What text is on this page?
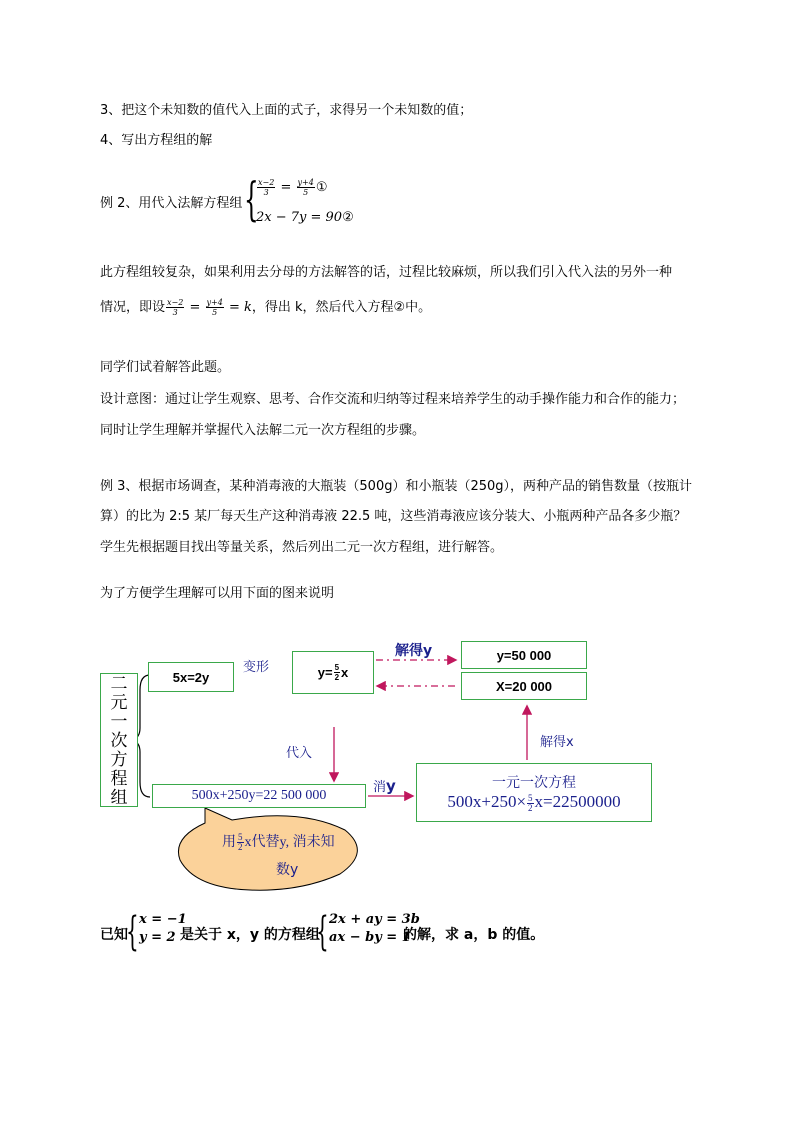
3、把这个未知数的值代入上面的式子，求得另一个未知数的值；
4、写出方程组的解
例 2、用代入法解方程组 {
$\frac{x-2}{3} = \frac{y+4}{5}$ ①
2x − 7y = 90②
此方程组较复杂，如果利用去分母的方法解答的话，过程比较麻烦，所以我们引入代入法的另外一种
情况，即设 $\frac{x-2}{3} = \frac{y+4}{5} = k$，得出 k，然后代入方程②中。
同学们试着解答此题。
设计意图：通过让学生观察、思考、合作交流和归纳等过程来培养学生的动手操作能力和合作的能力；
同时让学生理解并掌握代入法解二元一次方程组的步骤。
例 3、根据市场调查，某种消毒液的大瓶装（500g）和小瓶装（250g），两种产品的销售数量（按瓶计
算）的比为 2:5 某厂每天生产这种消毒液 22.5 吨，这些消毒液应该分装大、小瓶两种产品各多少瓶？
学生先根据题目找出等量关系，然后列出二元一次方程组，进行解答。
为了方便学生理解可以用下面的图来说明
二
元
一
次
方
程
组
5x=2y
变形	$y= \frac{5}{2}$ x
解得y	y=50 000
X=20 000
代入
消y
解得x
500x+250y=22 500 000
一元一次方程
$500x+250\times \frac{5}{2} x=22500000$
用 $\frac{5}{2}$ x代替y, 消未知
数y
已知
{ x = −1
y = 2 是关于 x，y 的方程组
{ 2x + ay = 3b
ax − by = 1
的解，求 a，b 的值。
